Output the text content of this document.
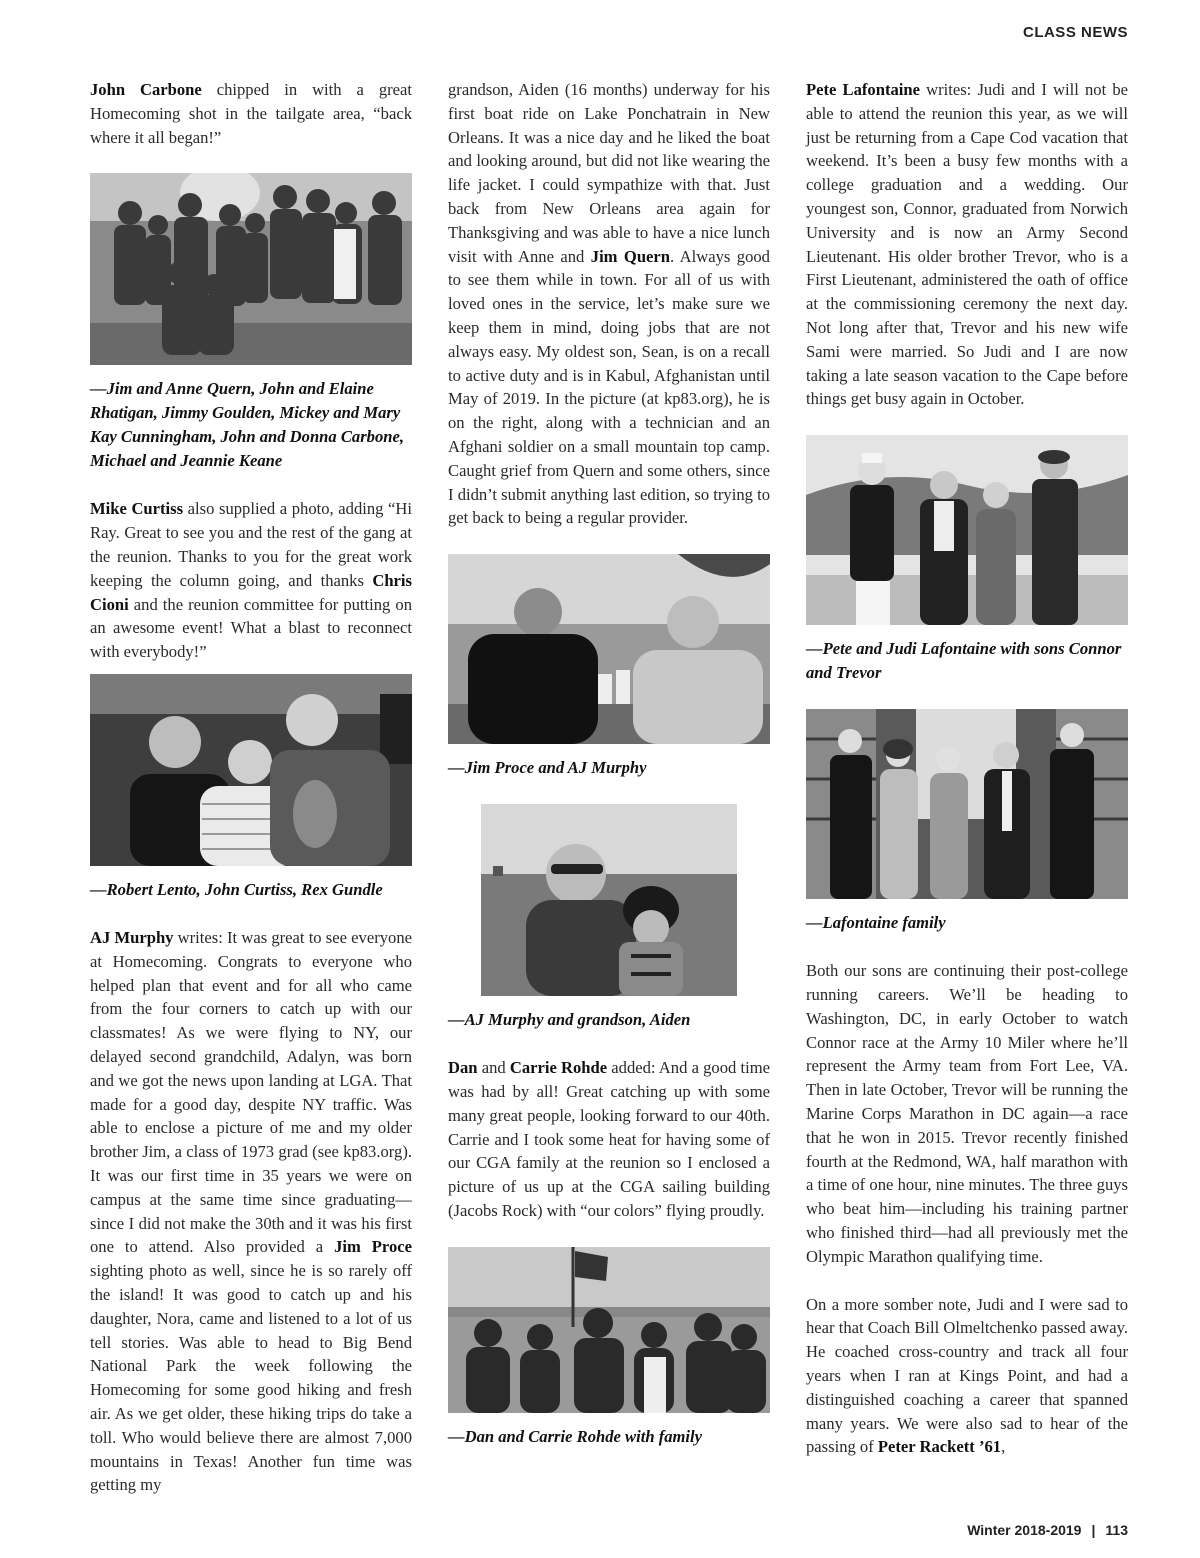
CLASS NEWS

John Carbone chipped in with a great Homecoming shot in the tailgate area, “back where it all began!”

—Jim and Anne Quern, John and Elaine Rhatigan, Jimmy Goulden, Mickey and Mary Kay Cunningham, John and Donna Carbone, Michael and Jeannie Keane

Mike Curtiss also supplied a photo, adding “Hi Ray. Great to see you and the rest of the gang at the reunion. Thanks to you for the great work keeping the column going, and thanks Chris Cioni and the reunion committee for putting on an awesome event! What a blast to reconnect with everybody!”

—Robert Lento, John Curtiss, Rex Gundle

AJ Murphy writes: It was great to see everyone at Homecoming. Congrats to everyone who helped plan that event and for all who came from the four corners to catch up with our classmates! As we were flying to NY, our delayed second grandchild, Adalyn, was born and we got the news upon landing at LGA. That made for a good day, despite NY traffic. Was able to enclose a picture of me and my older brother Jim, a class of 1973 grad (see kp83.org). It was our first time in 35 years we were on campus at the same time since graduating—since I did not make the 30th and it was his first one to attend. Also provided a Jim Proce sighting photo as well, since he is so rarely off the island! It was good to catch up and his daughter, Nora, came and listened to a lot of us tell stories. Was able to head to Big Bend National Park the week following the Homecoming for some good hiking and fresh air. As we get older, these hiking trips do take a toll. Who would believe there are almost 7,000 mountains in Texas! Another fun time was getting my

grandson, Aiden (16 months) underway for his first boat ride on Lake Ponchatrain in New Orleans. It was a nice day and he liked the boat and looking around, but did not like wearing the life jacket. I could sympathize with that. Just back from New Orleans area again for Thanksgiving and was able to have a nice lunch visit with Anne and Jim Quern. Always good to see them while in town. For all of us with loved ones in the service, let’s make sure we keep them in mind, doing jobs that are not always easy. My oldest son, Sean, is on a recall to active duty and is in Kabul, Afghanistan until May of 2019. In the picture (at kp83.org), he is on the right, along with a technician and an Afghani soldier on a small mountain top camp. Caught grief from Quern and some others, since I didn’t submit anything last edition, so trying to get back to being a regular provider.

—Jim Proce and AJ Murphy
—AJ Murphy and grandson, Aiden

Dan and Carrie Rohde added: And a good time was had by all! Great catching up with some many great people, looking forward to our 40th. Carrie and I took some heat for having some of our CGA family at the reunion so I enclosed a picture of us up at the CGA sailing building (Jacobs Rock) with “our colors” flying proudly.

—Dan and Carrie Rohde with family

Pete Lafontaine writes: Judi and I will not be able to attend the reunion this year, as we will just be returning from a Cape Cod vacation that weekend. It’s been a busy few months with a college graduation and a wedding. Our youngest son, Connor, graduated from Norwich University and is now an Army Second Lieutenant. His older brother Trevor, who is a First Lieutenant, administered the oath of office at the commissioning ceremony the next day. Not long after that, Trevor and his new wife Sami were married. So Judi and I are now taking a late season vacation to the Cape before things get busy again in October.

—Pete and Judi Lafontaine with sons Connor and Trevor
—Lafontaine family

Both our sons are continuing their post-college running careers. We’ll be heading to Washington, DC, in early October to watch Connor race at the Army 10 Miler where he’ll represent the Army team from Fort Lee, VA. Then in late October, Trevor will be running the Marine Corps Marathon in DC again—a race that he won in 2015. Trevor recently finished fourth at the Redmond, WA, half marathon with a time of one hour, nine minutes. The three guys who beat him—including his training partner who finished third—had all previously met the Olympic Marathon qualifying time.

On a more somber note, Judi and I were sad to hear that Coach Bill Olmeltchenko passed away. He coached cross-country and track all four years when I ran at Kings Point, and had a distinguished coaching a career that spanned many years. We were also sad to hear of the passing of Peter Rackett ’61,

Winter 2018-2019 | 113
